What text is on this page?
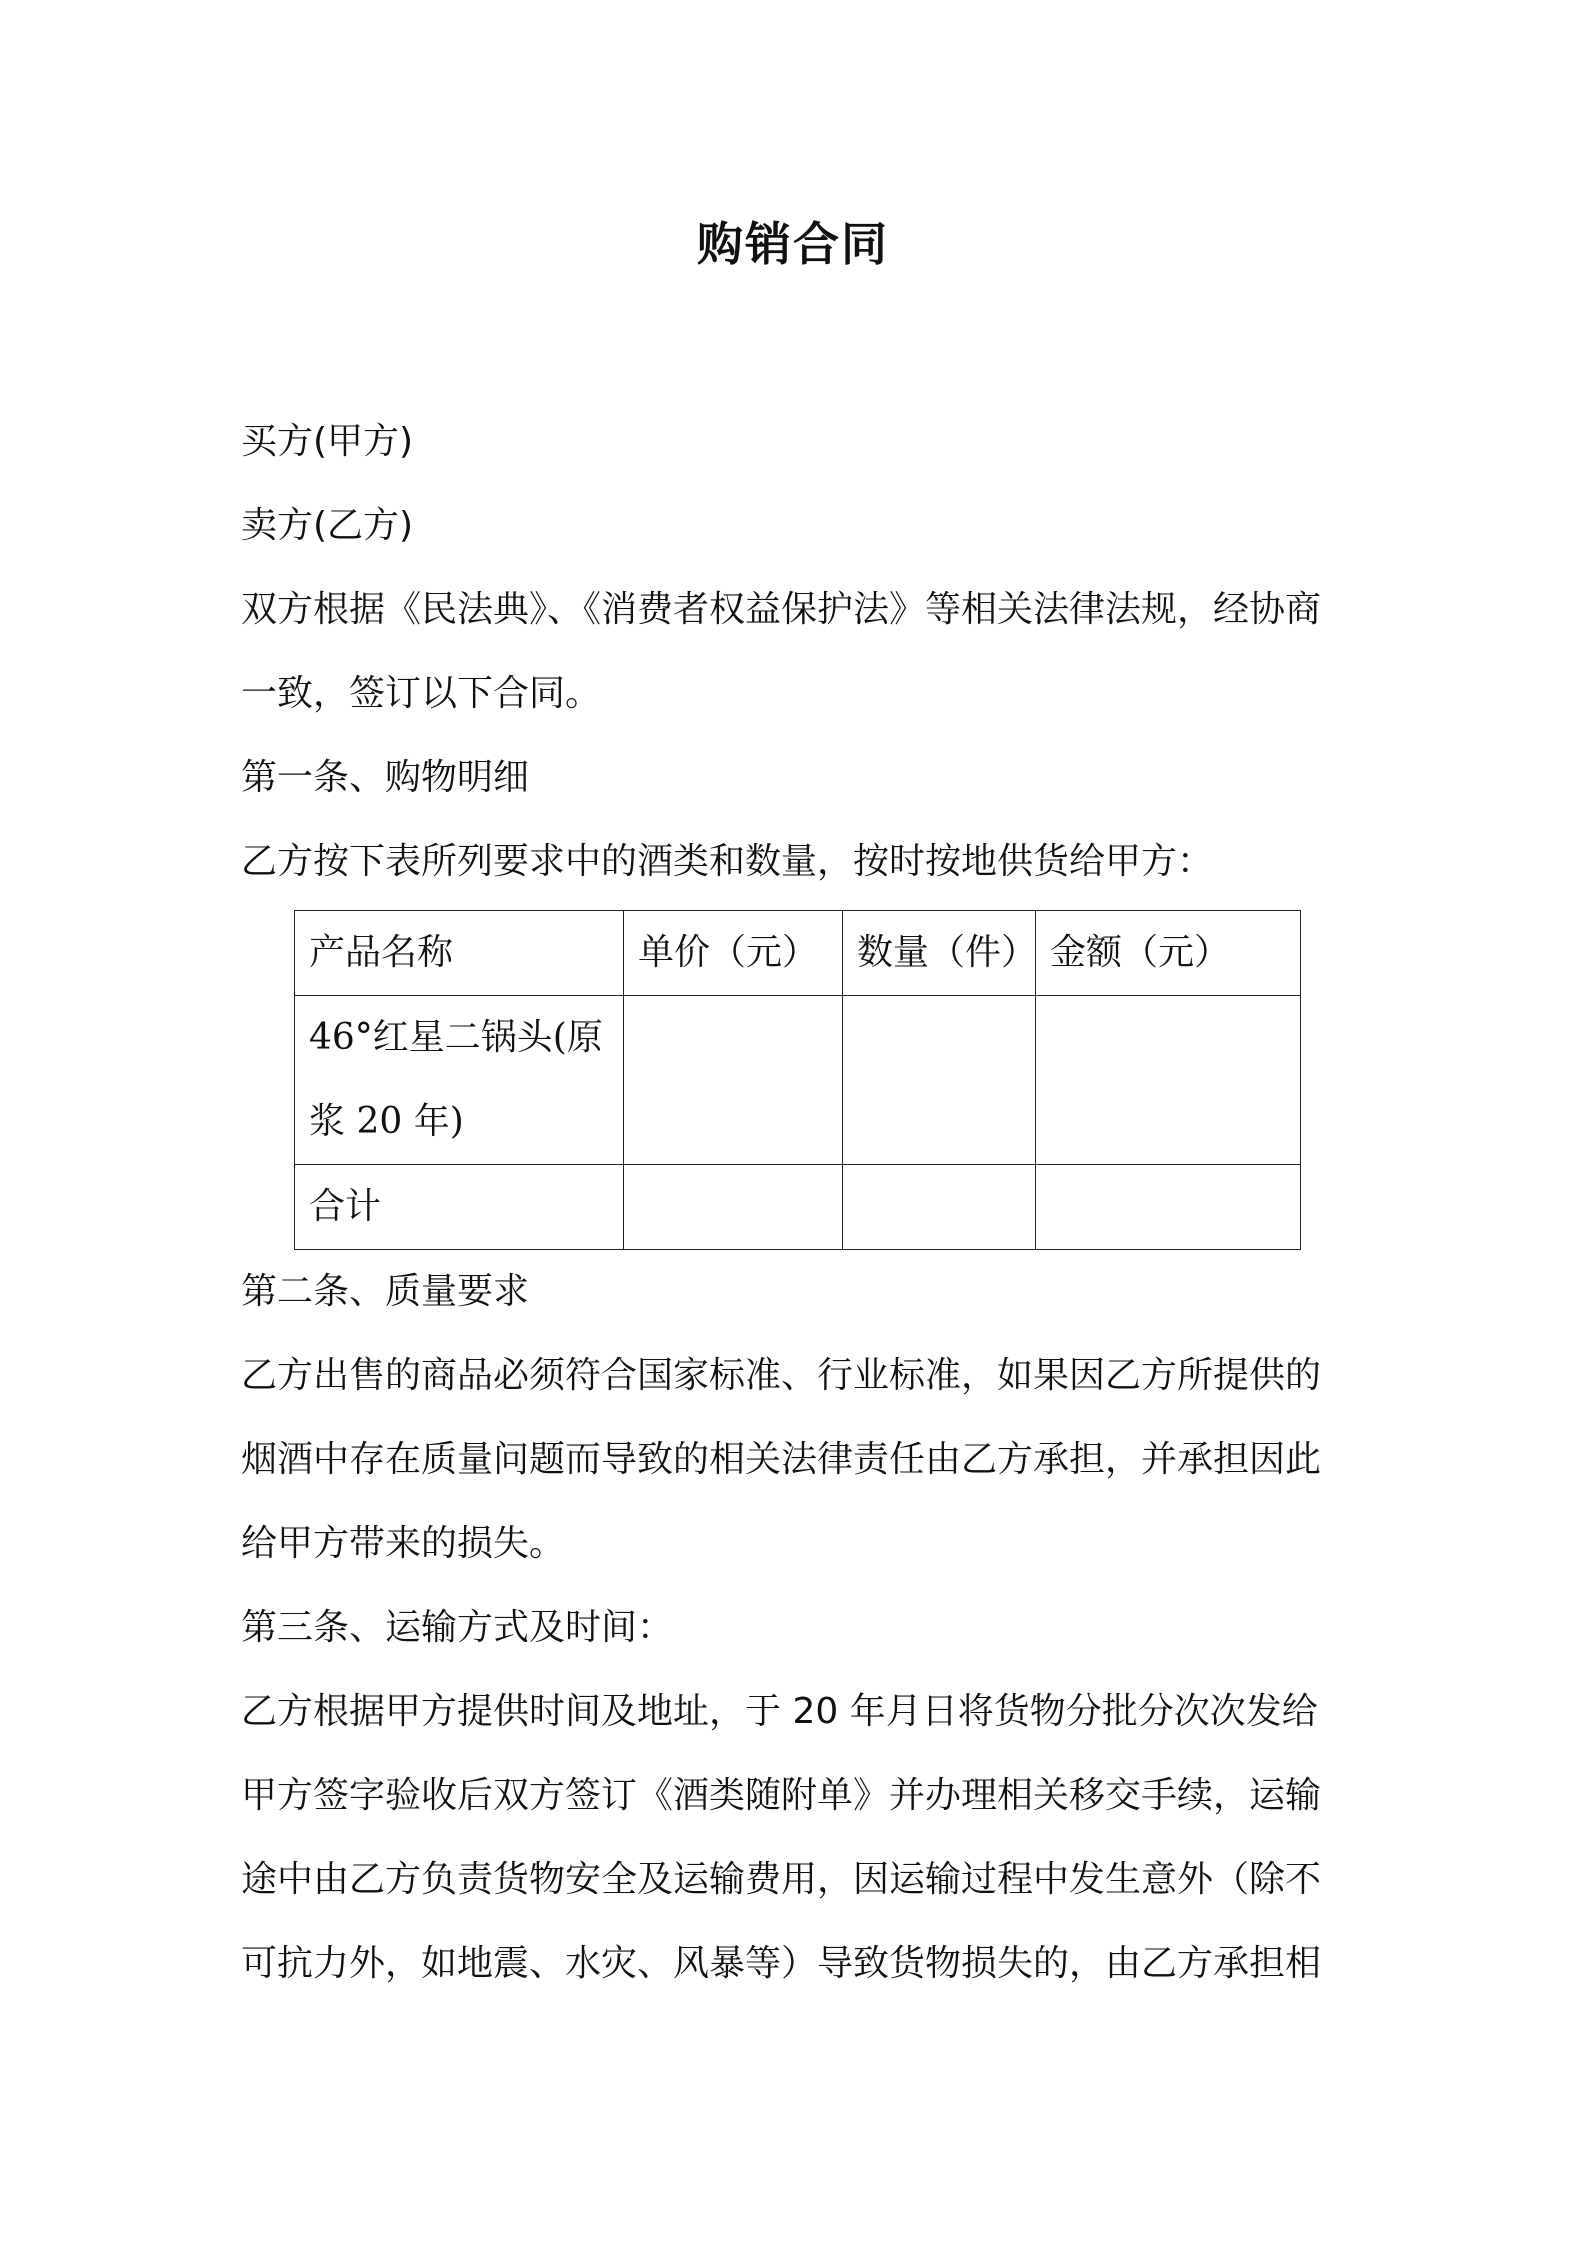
购销合同

买方(甲方)

卖方(乙方)

双方根据《民法典》、《消费者权益保护法》等相关法律法规，经协商

一致，签订以下合同。

第一条、购物明细

乙方按下表所列要求中的酒类和数量，按时按地供货给甲方：

产品名称	单价（元）	数量（件）	金额（元）

46°红星二锅头(原
浆 20 年)			

合计			

第二条、质量要求

乙方出售的商品必须符合国家标准、行业标准，如果因乙方所提供的

烟酒中存在质量问题而导致的相关法律责任由乙方承担，并承担因此

给甲方带来的损失。

第三条、运输方式及时间：

乙方根据甲方提供时间及地址，于 20 年月日将货物分批分次次发给

甲方签字验收后双方签订《酒类随附单》并办理相关移交手续，运输

途中由乙方负责货物安全及运输费用，因运输过程中发生意外（除不

可抗力外，如地震、水灾、风暴等）导致货物损失的，由乙方承担相
